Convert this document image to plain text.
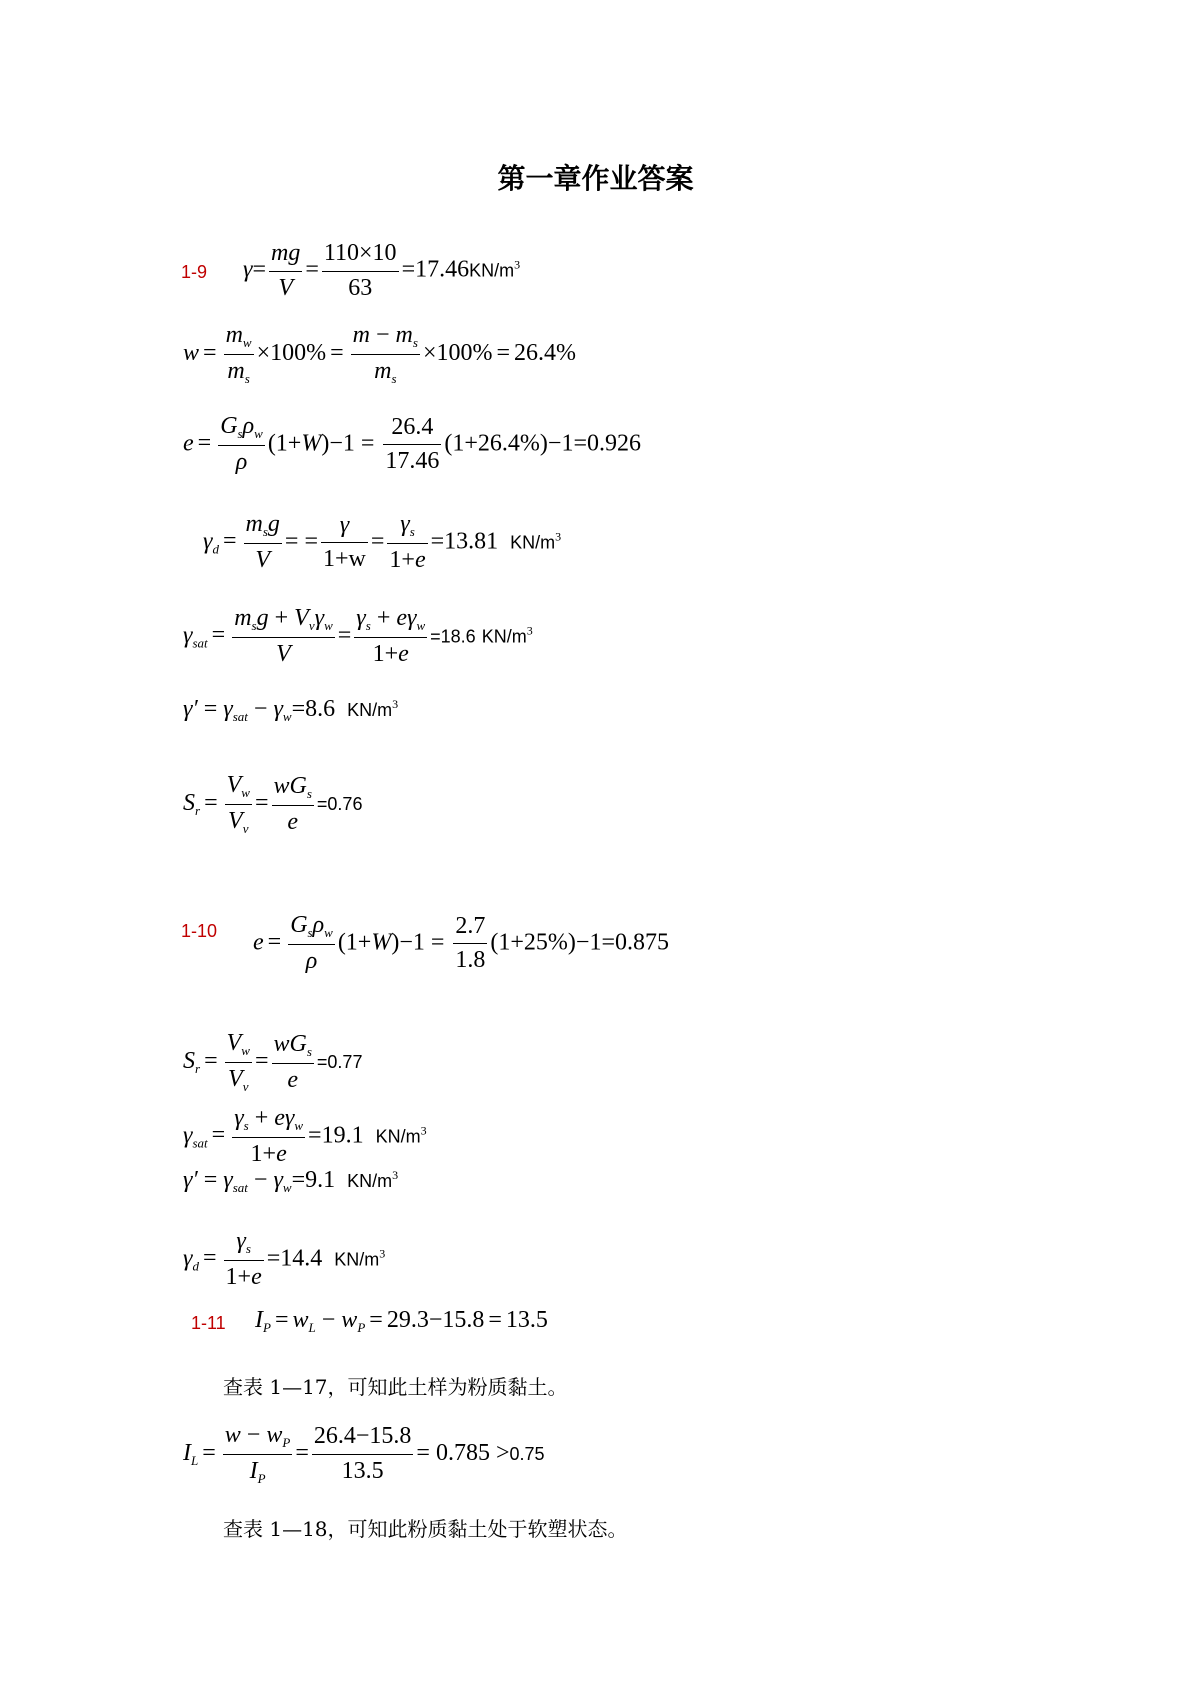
第一章作业答案
1-9 $\gamma= \frac{mg}{V} = \frac{110\times 10}{63} =17.46KN/m^3$
$w = \frac{m_w}{m_s} \times 100\% = \frac{m - m_s}{m_s} \times 100\% = 26.4\%$
$e = \frac{G_s\rho_w}{\rho} (1+W)-1 = \frac{26.4}{17.46} (1+26.4\%)-1=0.926$
$\gamma_d = \frac{m_sg}{V}$ = = $\frac{\gamma}{1+w} = \frac{\gamma_s}{1+e} =13.81$ $KN/m^3$
$\gamma_{sat} = \frac{m_sg + V_v\gamma_w}{V} = \frac{\gamma_s + e\gamma_w}{1+e} =18.6$ $KN/m^3$
$\gamma' = \gamma_{sat} - \gamma_w=8.6$ $KN/m^3$
$S_r = \frac{V_w}{V_v} = \frac{wG_s}{e} =0.76$
1-10 $e = \frac{G_s\rho_w}{\rho} (1+W)-1 = \frac{2.7}{1.8} (1+25\%)-1=0.875$
$S_r = \frac{V_w}{V_v} = \frac{wG_s}{e} =0.77$
$\gamma_{sat} = \frac{\gamma_s + e\gamma_w}{1+e} =19.1$ $KN/m^3$
$\gamma' = \gamma_{sat} - \gamma_w=9.1$ $KN/m^3$
$\gamma_d = \frac{\gamma_s}{1+e} =14.4$ $KN/m^3$
1-11 $I_P = w_L - w_P = 29.3-15.8 = 13.5$
查表 1—17，可知此土样为粉质黏土。
$I_L = \frac{w - w_P}{I_P} = \frac{26.4-15.8}{13.5} = 0.785 >0.75$
查表 1—18，可知此粉质黏土处于软塑状态。
